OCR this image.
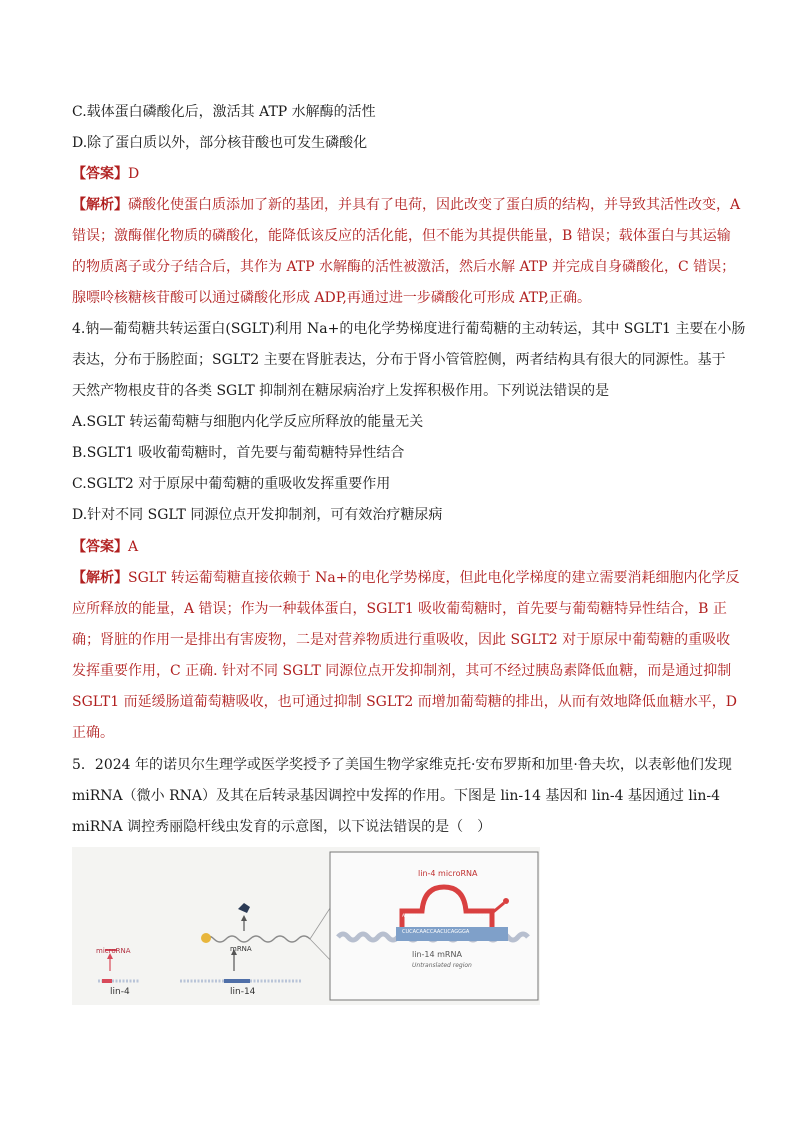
C.载体蛋白磷酸化后，激活其 ATP 水解酶的活性
D.除了蛋白质以外，部分核苷酸也可发生磷酸化
【答案】D
【解析】磷酸化使蛋白质添加了新的基团，并具有了电荷，因此改变了蛋白质的结构，并导致其活性改变，A
错误；激酶催化物质的磷酸化，能降低该反应的活化能，但不能为其提供能量，B 错误；载体蛋白与其运输
的物质离子或分子结合后，其作为 ATP 水解酶的活性被激活，然后水解 ATP 并完成自身磷酸化，C 错误；
腺嘌呤核糖核苷酸可以通过磷酸化形成 ADP,再通过进一步磷酸化可形成 ATP,正确。
4.钠—葡萄糖共转运蛋白(SGLT)利用 Na+的电化学势梯度进行葡萄糖的主动转运，其中 SGLT1 主要在小肠
表达，分布于肠腔面；SGLT2 主要在肾脏表达，分布于肾小管管腔侧，两者结构具有很大的同源性。基于
天然产物根皮苷的各类 SGLT 抑制剂在糖尿病治疗上发挥积极作用。下列说法错误的是
A.SGLT 转运葡萄糖与细胞内化学反应所释放的能量无关
B.SGLT1 吸收葡萄糖时，首先要与葡萄糖特异性结合
C.SGLT2 对于原尿中葡萄糖的重吸收发挥重要作用
D.针对不同 SGLT 同源位点开发抑制剂，可有效治疗糖尿病
【答案】A
【解析】SGLT 转运葡萄糖直接依赖于 Na+的电化学势梯度，但此电化学梯度的建立需要消耗细胞内化学反
应所释放的能量，A 错误；作为一种载体蛋白，SGLT1 吸收葡萄糖时，首先要与葡萄糖特异性结合，B 正
确；肾脏的作用一是排出有害废物，二是对营养物质进行重吸收，因此 SGLT2 对于原尿中葡萄糖的重吸收
发挥重要作用，C 正确. 针对不同 SGLT 同源位点开发抑制剂，其可不经过胰岛素降低血糖，而是通过抑制
SGLT1 而延缓肠道葡萄糖吸收，也可通过抑制 SGLT2 而增加葡萄糖的排出，从而有效地降低血糖水平，D
正确。
5．2024 年的诺贝尔生理学或医学奖授予了美国生物学家维克托·安布罗斯和加里·鲁夫坎，以表彰他们发现
miRNA（微小 RNA）及其在后转录基因调控中发挥的作用。下图是 lin-14 基因和 lin-4 基因通过 lin-4
miRNA 调控秀丽隐杆线虫发育的示意图，以下说法错误的是（　）
microRNA	mRNA
lin-4	lin-14
lin-4 microRNA
AGUGU	GAGUCCC
CUCACAACCAACUCAGGGA
lin-14 mRNA
Untranslated region
